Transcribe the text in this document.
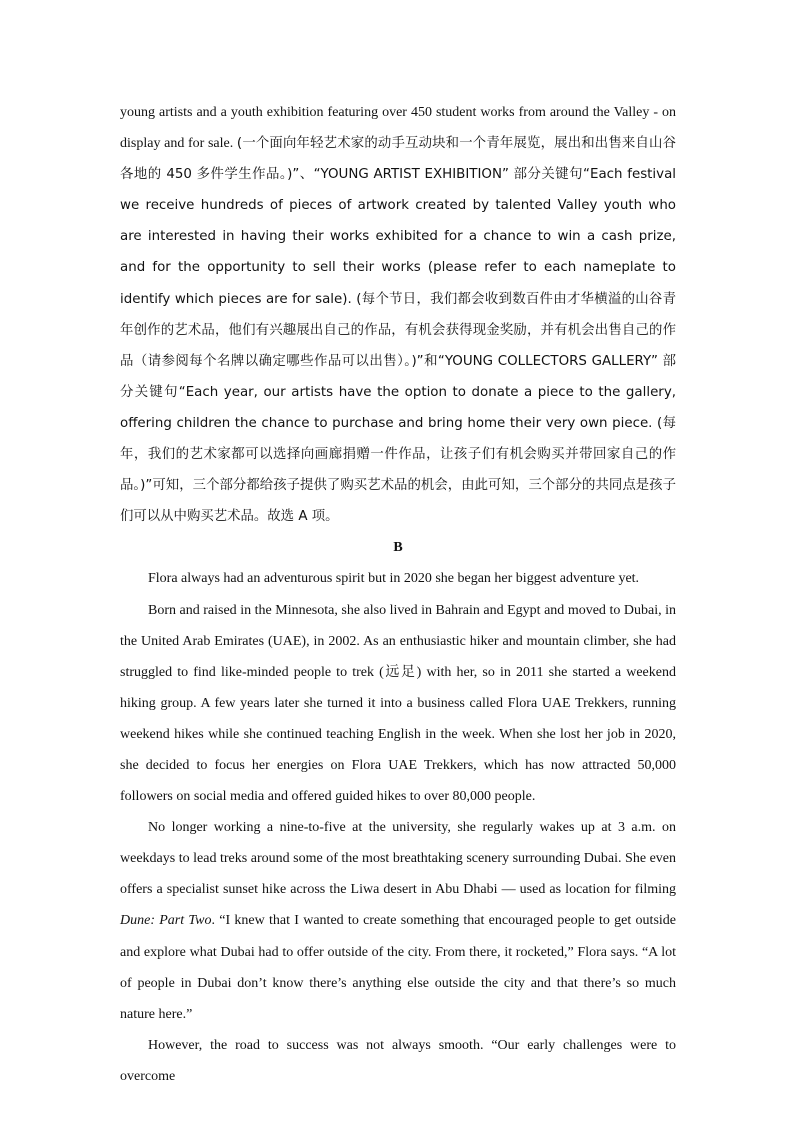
young artists and a youth exhibition featuring over 450 student works from around the Valley - on display and for sale. (一个面向年轻艺术家的动手互动块和一个青年展览，展出和出售来自山谷各地的 450 多件学生作品。)”、“YOUNG ARTIST EXHIBITION” 部分关键句“Each festival we receive hundreds of pieces of artwork created by talented Valley youth who are interested in having their works exhibited for a chance to win a cash prize, and for the opportunity to sell their works (please refer to each nameplate to identify which pieces are for sale). (每个节日，我们都会收到数百件由才华横溢的山谷青年创作的艺术品，他们有兴趣展出自己的作品，有机会获得现金奖励，并有机会出售自己的作品（请参阅每个名牌以确定哪些作品可以出售）。)”和“YOUNG COLLECTORS GALLERY” 部分关键句“Each year, our artists have the option to donate a piece to the gallery, offering children the chance to purchase and bring home their very own piece. (每年，我们的艺术家都可以选择向画廊捐赠一件作品，让孩子们有机会购买并带回家自己的作品。)”可知，三个部分都给孩子提供了购买艺术品的机会，由此可知，三个部分的共同点是孩子们可以从中购买艺术品。故选 A 项。

B

Flora always had an adventurous spirit but in 2020 she began her biggest adventure yet.

Born and raised in the Minnesota, she also lived in Bahrain and Egypt and moved to Dubai, in the United Arab Emirates (UAE), in 2002. As an enthusiastic hiker and mountain climber, she had struggled to find like-minded people to trek (远足) with her, so in 2011 she started a weekend hiking group. A few years later she turned it into a business called Flora UAE Trekkers, running weekend hikes while she continued teaching English in the week. When she lost her job in 2020, she decided to focus her energies on Flora UAE Trekkers, which has now attracted 50,000 followers on social media and offered guided hikes to over 80,000 people.

No longer working a nine-to-five at the university, she regularly wakes up at 3 a.m. on weekdays to lead treks around some of the most breathtaking scenery surrounding Dubai. She even offers a specialist sunset hike across the Liwa desert in Abu Dhabi — used as location for filming Dune: Part Two. “I knew that I wanted to create something that encouraged people to get outside and explore what Dubai had to offer outside of the city. From there, it rocketed,” Flora says. “A lot of people in Dubai don’t know there’s anything else outside the city and that there’s so much nature here.”

However, the road to success was not always smooth. “Our early challenges were to overcome
